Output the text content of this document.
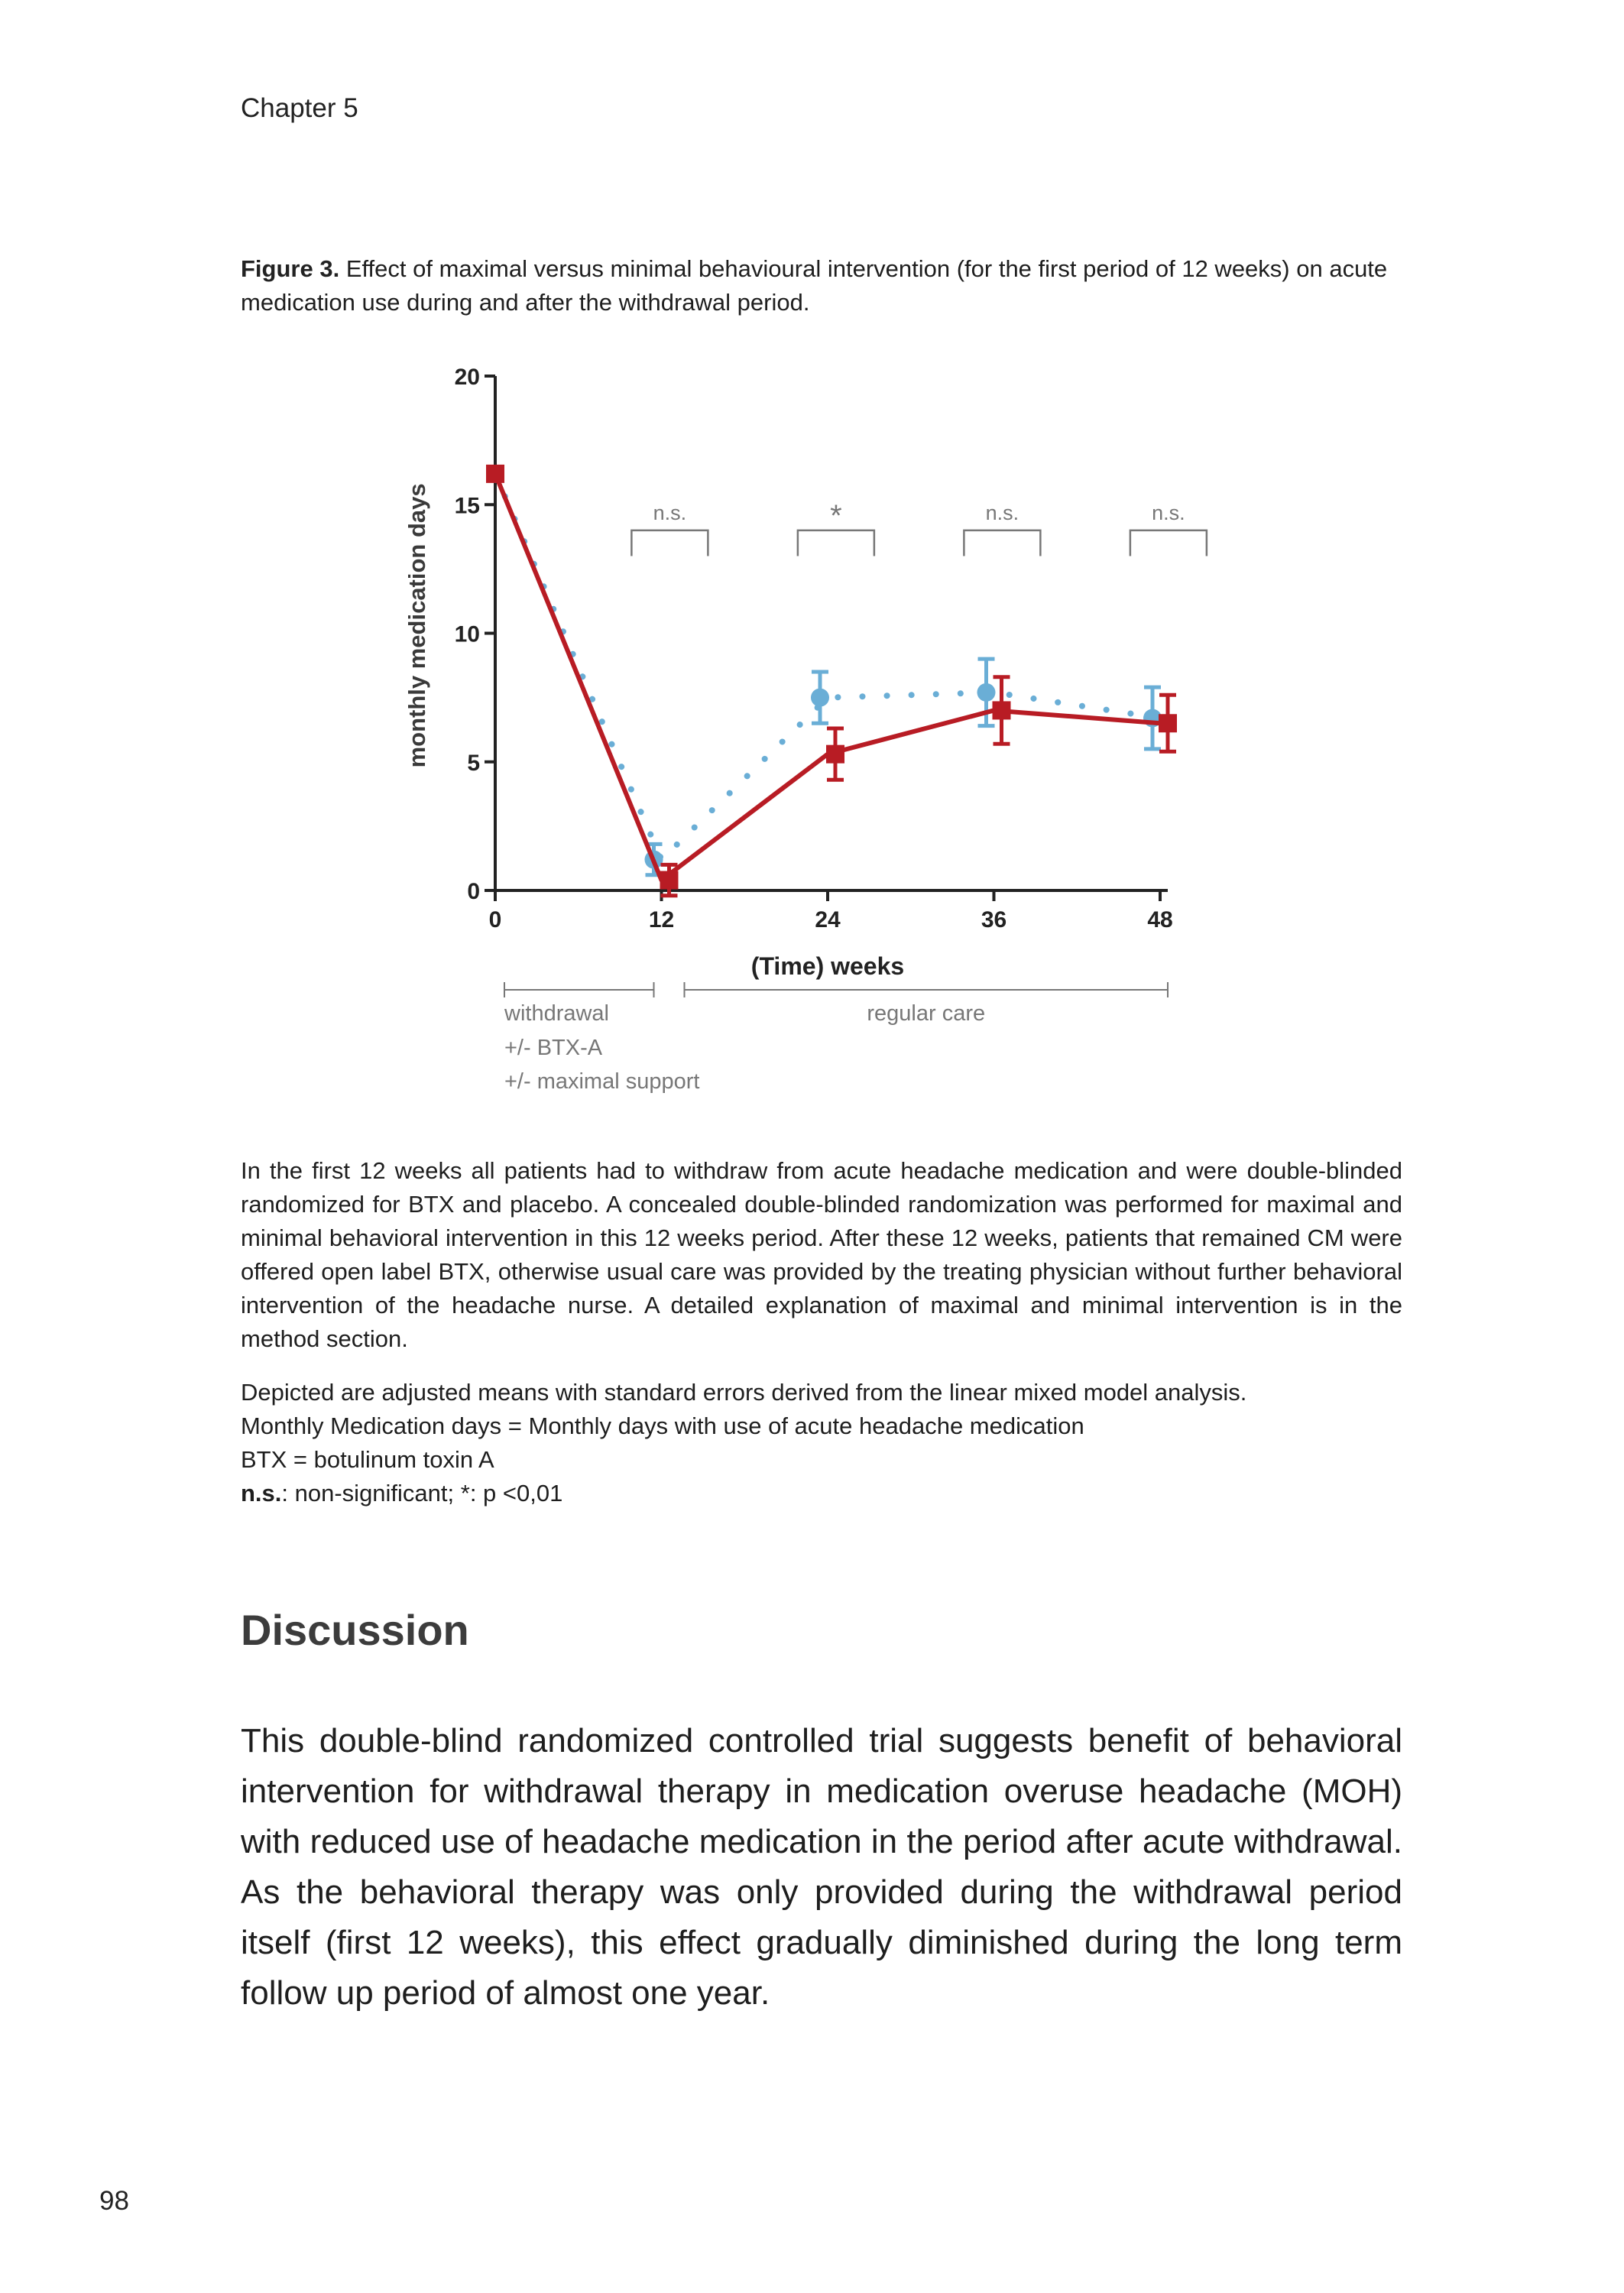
Chapter 5
Figure 3. Effect of maximal versus minimal behavioural intervention (for the first period of 12 weeks) on acute medication use during and after the withdrawal period.
0
5
10
15
20
0	12	24	36	48
(Time) weeks
monthly medication days	n.s.	*	n.s.	n.s.
withdrawal	regular care
+/- BTX-A
+/- maximal support
In the first 12 weeks all patients had to withdraw from acute headache medication and were double-blinded randomized for BTX and placebo. A concealed double-blinded randomization was performed for maximal and minimal behavioral intervention in this 12 weeks period. After these 12 weeks, patients that remained CM were offered open label BTX, otherwise usual care was provided by the treating physician without further behavioral intervention of the headache nurse. A detailed explanation of maximal and minimal intervention is in the method section.
Depicted are adjusted means with standard errors derived from the linear mixed model analysis.
Monthly Medication days = Monthly days with use of acute headache medication
BTX = botulinum toxin A
n.s.: non-significant; *: p <0,01
Discussion
This double-blind randomized controlled trial suggests benefit of behavioral intervention for withdrawal therapy in medication overuse headache (MOH) with reduced use of headache medication in the period after acute withdrawal. As the behavioral therapy was only provided during the withdrawal period itself (first 12 weeks), this effect gradually diminished during the long term follow up period of almost one year.
98
